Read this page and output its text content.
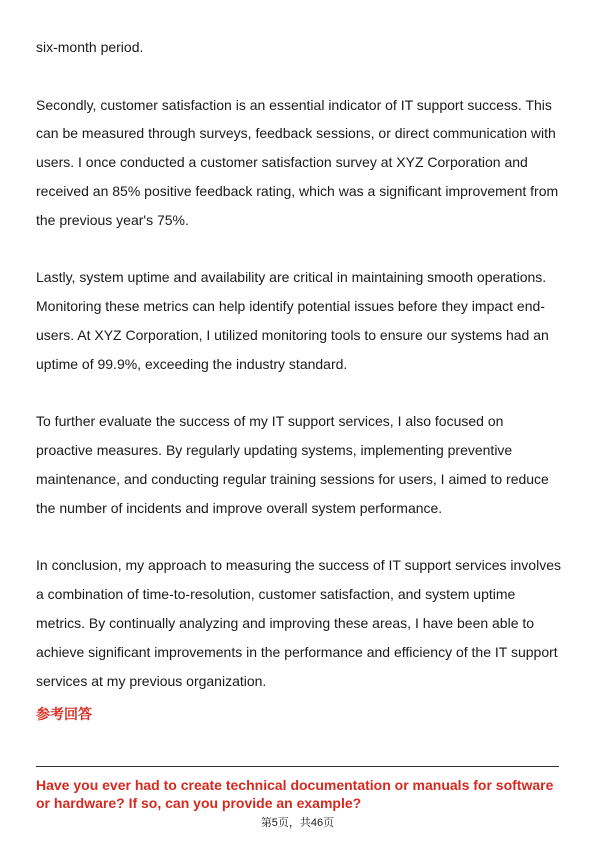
six-month period.

Secondly, customer satisfaction is an essential indicator of IT support success. This can be measured through surveys, feedback sessions, or direct communication with users. I once conducted a customer satisfaction survey at XYZ Corporation and received an 85% positive feedback rating, which was a significant improvement from the previous year's 75%.

Lastly, system uptime and availability are critical in maintaining smooth operations. Monitoring these metrics can help identify potential issues before they impact end-users. At XYZ Corporation, I utilized monitoring tools to ensure our systems had an uptime of 99.9%, exceeding the industry standard.

To further evaluate the success of my IT support services, I also focused on proactive measures. By regularly updating systems, implementing preventive maintenance, and conducting regular training sessions for users, I aimed to reduce the number of incidents and improve overall system performance.

In conclusion, my approach to measuring the success of IT support services involves a combination of time-to-resolution, customer satisfaction, and system uptime metrics. By continually analyzing and improving these areas, I have been able to achieve significant improvements in the performance and efficiency of the IT support services at my previous organization.

参考回答

Have you ever had to create technical documentation or manuals for software or hardware? If so, can you provide an example?

第5页，共46页
